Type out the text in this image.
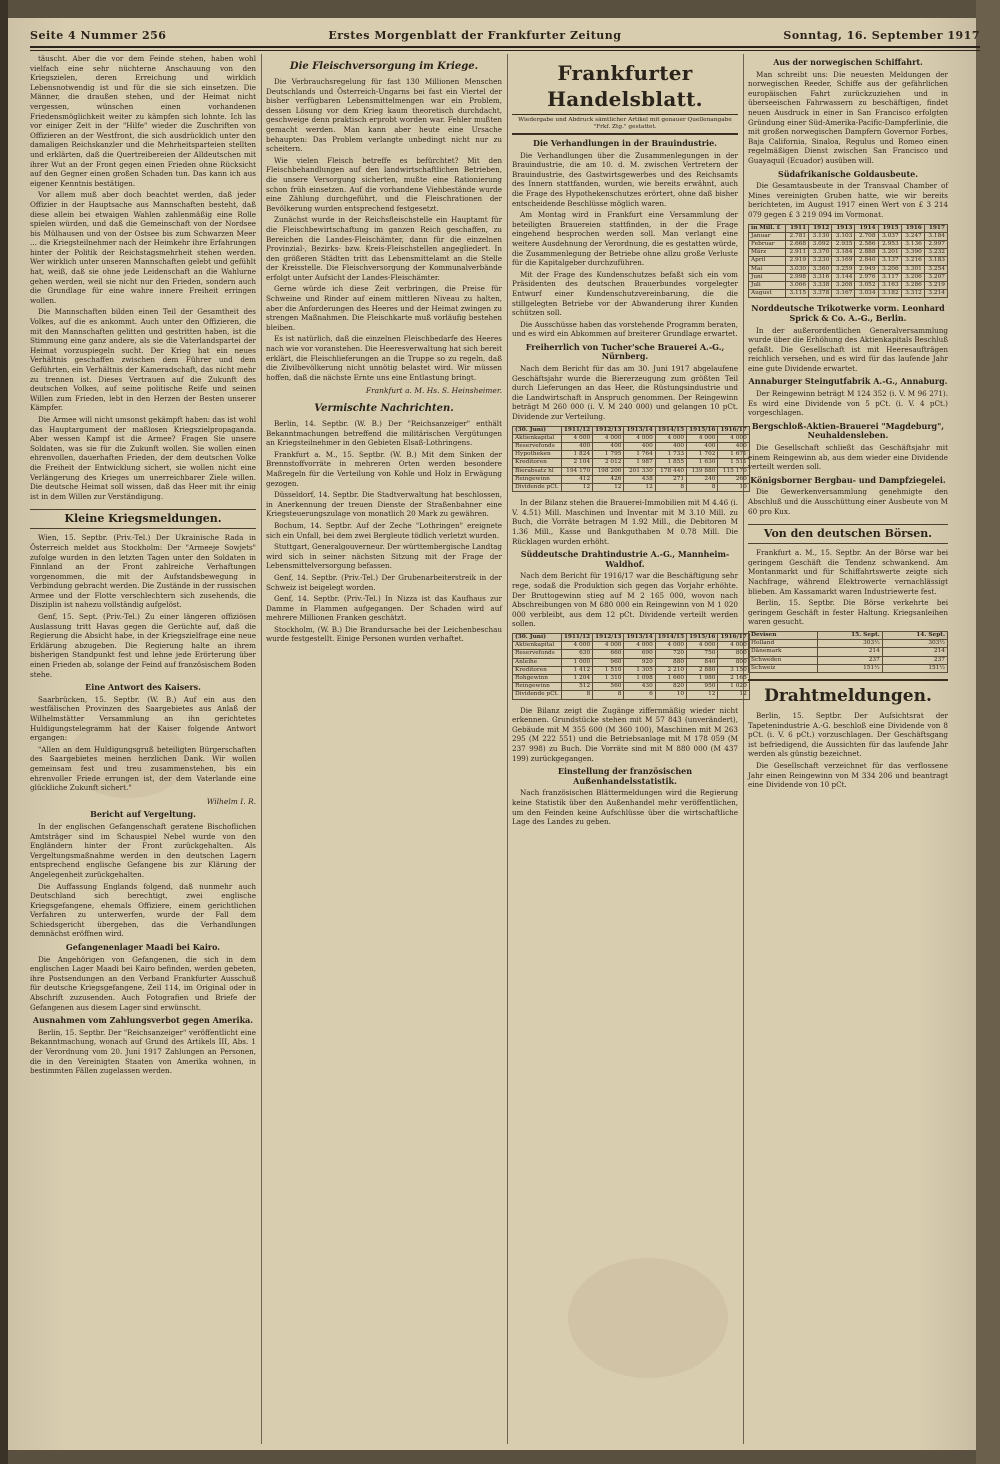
Seite 4 Nummer 256	Erstes Morgenblatt der Frankfurter Zeitung	Sonntag, 16. September 1917

täuscht. Aber die vor dem Feinde stehen, haben wohl vielfach eine sehr nüchterne Anschauung von den Kriegszielen, deren Erreichung und wirklich Lebensnotwendig ist und für die sie sich einsetzen. Die Männer, die draußen stehen, und der Heimat nicht vergessen, wünschen einen vorhandenen Friedensmöglichkeit weiter zu kämpfen sich lohnte. Ich las vor einiger Zeit in der "Hilfe" wieder die Zuschriften von Offizieren an der Westfront, die sich ausdrücklich unter den damaligen Reichskanzler und die Mehrheitsparteien stellten und erklärten, daß die Quertreibereien der Alldeutschen mit ihrer Wut an der Front gegen einen Frieden ohne Rücksicht auf den Gegner einen großen Schaden tun. Das kann ich aus eigener Kenntnis bestätigen.

Vor allem muß aber doch beachtet werden, daß jeder Offizier in der Hauptsache aus Mannschaften besteht, daß diese allein bei etwaigen Wahlen zahlenmäßig eine Rolle spielen würden, und daß die Gemeinschaft von der Nordsee bis Mülhausen und von der Ostsee bis zum Schwarzen Meer ... die Kriegsteilnehmer nach der Heimkehr ihre Erfahrungen hinter der Politik der Reichstagsmehrheit stehen werden. Wer wirklich unter unseren Mannschaften gelebt und gefühlt hat, weiß, daß sie ohne jede Leidenschaft an die Wahlurne gehen werden, weil sie nicht nur den Frieden, sondern auch die Grundlage für eine wahre innere Freiheit erringen wollen.

Die Mannschaften bilden einen Teil der Gesamtheit des Volkes, auf die es ankommt. Auch unter den Offizieren, die mit den Mannschaften gelitten und gestritten haben, ist die Stimmung eine ganz andere, als sie die Vaterlandspartei der Heimat vorzuspiegeln sucht. Der Krieg hat ein neues Verhältnis geschaffen zwischen dem Führer und dem Geführten, ein Verhältnis der Kameradschaft, das nicht mehr zu trennen ist. Dieses Vertrauen auf die Zukunft des deutschen Volkes, auf seine politische Reife und seinen Willen zum Frieden, lebt in den Herzen der Besten unserer Kämpfer.

Die Armee will nicht umsonst gekämpft haben: das ist wohl das Hauptargument der maßlosen Kriegszielpropaganda. Aber wessen Kampf ist die Armee? Fragen Sie unsere Soldaten, was sie für die Zukunft wollen. Sie wollen einen ehrenvollen, dauerhaften Frieden, der dem deutschen Volke die Freiheit der Entwicklung sichert, sie wollen nicht eine Verlängerung des Krieges um unerreichbarer Ziele willen. Die deutsche Heimat soll wissen, daß das Heer mit ihr einig ist in dem Willen zur Verständigung.

Kleine Kriegsmeldungen.

Wien, 15. Septbr. (Priv.-Tel.) Der Ukrainische Rada in Österreich meldet aus Stockholm: Der "Armeeje Sowjets" zufolge wurden in den letzten Tagen unter den Soldaten in Finnland an der Front zahlreiche Verhaftungen vorgenommen, die mit der Aufstandsbewegung in Verbindung gebracht werden. Die Zustände in der russischen Armee und der Flotte verschlechtern sich zusehends, die Disziplin ist nahezu vollständig aufgelöst.

Genf, 15. Sept. (Priv.-Tel.) Zu einer längeren offiziösen Auslassung tritt Havas gegen die Gerüchte auf, daß die Regierung die Absicht habe, in der Kriegszielfrage eine neue Erklärung abzugeben. Die Regierung halte an ihrem bisherigen Standpunkt fest und lehne jede Erörterung über einen Frieden ab, solange der Feind auf französischem Boden stehe.

Eine Antwort des Kaisers.

Saarbrücken, 15. Septbr. (W. B.) Auf ein aus den westfälischen Provinzen des Saargebietes aus Anlaß der Wilhelmstätter Versammlung an ihn gerichtetes Huldigungstelegramm hat der Kaiser folgende Antwort ergangen:

"Allen an dem Huldigungsgruß beteiligten Bürgerschaften des Saargebietes meinen herzlichen Dank. Wir wollen gemeinsam fest und treu zusammenstehen, bis ein ehrenvoller Friede errungen ist, der dem Vaterlande eine glückliche Zukunft sichert."

Wilhelm I. R.
Bericht auf Vergeltung.

In der englischen Gefangenschaft geratene Bischoflichen Amtsträger sind im Schauspiel Nebel wurde von den Engländern hinter der Front zurückgehalten. Als Vergeltungsmaßnahme werden in den deutschen Lagern entsprechend englische Gefangene bis zur Klärung der Angelegenheit zurückgehalten.

Die Auffassung Englands folgend, daß nunmehr auch Deutschland sich berechtigt, zwei englische Kriegsgefangene, ehemals Offiziere, einem gerichtlichen Verfahren zu unterwerfen, wurde der Fall dem Schiedsgericht übergeben, das die Verhandlungen demnächst eröffnen wird.

Gefangenenlager Maadi bei Kairo.

Die Angehörigen von Gefangenen, die sich in dem englischen Lager Maadi bei Kairo befinden, werden gebeten, ihre Postsendungen an den Verband Frankfurter Ausschuß für deutsche Kriegsgefangene, Zeil 114, im Original oder in Abschrift zuzusenden. Auch Fotografien und Briefe der Gefangenen aus diesem Lager sind erwünscht.

Ausnahmen vom Zahlungsverbot gegen Amerika.

Berlin, 15. Septbr. Der "Reichsanzeiger" veröffentlicht eine Bekanntmachung, wonach auf Grund des Artikels III, Abs. 1 der Verordnung vom 20. Juni 1917 Zahlungen an Personen, die in den Vereinigten Staaten von Amerika wohnen, in bestimmten Fällen zugelassen werden.

Die Fleischversorgung im Kriege.

Die Verbrauchsregelung für fast 130 Millionen Menschen Deutschlands und Österreich-Ungarns bei fast ein Viertel der bisher verfügbaren Lebensmittelmengen war ein Problem, dessen Lösung vor dem Krieg kaum theoretisch durchdacht, geschweige denn praktisch erprobt worden war. Fehler mußten gemacht werden. Man kann aber heute eine Ursache behaupten: Das Problem verlangte unbedingt nicht nur zu scheitern.

Wie vielen Fleisch betreffe es befürchtet? Mit den Fleischbehandlungen auf den landwirtschaftlichen Betrieben, die unsere Versorgung sicherten, mußte eine Rationierung schon früh einsetzen. Auf die vorhandene Viehbestände wurde eine Zählung durchgeführt, und die Fleischrationen der Bevölkerung wurden entsprechend festgesetzt.

Zunächst wurde in der Reichsfleischstelle ein Hauptamt für die Fleischbewirtschaftung im ganzen Reich geschaffen, zu Bereichen die Landes-Fleischämter, dann für die einzelnen Provinzial-, Bezirks- bzw. Kreis-Fleischstellen angegliedert. In den größeren Städten tritt das Lebensmittelamt an die Stelle der Kreisstelle. Die Fleischversorgung der Kommunalverbände erfolgt unter Aufsicht der Landes-Fleischämter.

Gerne würde ich diese Zeit verbringen, die Preise für Schweine und Rinder auf einem mittleren Niveau zu halten, aber die Anforderungen des Heeres und der Heimat zwingen zu strengen Maßnahmen. Die Fleischkarte muß vorläufig bestehen bleiben.

Es ist natürlich, daß die einzelnen Fleischbedarfe des Heeres nach wie vor voranstehen. Die Heeresverwaltung hat sich bereit erklärt, die Fleischlieferungen an die Truppe so zu regeln, daß die Zivilbevölkerung nicht unnötig belastet wird. Wir müssen hoffen, daß die nächste Ernte uns eine Entlastung bringt.

Frankfurt a. M. Hs. S. Heinsheimer.
Vermischte Nachrichten.

Berlin, 14. Septbr. (W. B.) Der "Reichsanzeiger" enthält Bekanntmachungen betreffend die militärischen Vergütungen an Kriegsteilnehmer in den Gebieten Elsaß-Lothringens.

Frankfurt a. M., 15. Septbr. (W. B.) Mit dem Sinken der Brennstoffvorräte in mehreren Orten werden besondere Maßregeln für die Verteilung von Kohle und Holz in Erwägung gezogen.

Düsseldorf, 14. Septbr. Die Stadtverwaltung hat beschlossen, in Anerkennung der treuen Dienste der Straßenbahner eine Kriegsteuerungszulage von monatlich 20 Mark zu gewähren.

Bochum, 14. Septbr. Auf der Zeche "Lothringen" ereignete sich ein Unfall, bei dem zwei Bergleute tödlich verletzt wurden.

Stuttgart, Generalgouverneur. Der württembergische Landtag wird sich in seiner nächsten Sitzung mit der Frage der Lebensmittelversorgung befassen.

Genf, 14. Septbr. (Priv.-Tel.) Der Grubenarbeiterstreik in der Schweiz ist beigelegt worden.

Genf, 14. Septbr. (Priv.-Tel.) In Nizza ist das Kaufhaus zur Damme in Flammen aufgegangen. Der Schaden wird auf mehrere Millionen Franken geschätzt.

Stockholm, (W. B.) Die Brandursache bei der Leichenbeschau wurde festgestellt. Einige Personen wurden verhaftet.

Frankfurter Handelsblatt.
Wiedergabe und Abdruck sämtlicher Artikel mit genauer Quellenangabe "Frkf. Ztg." gestattet.
Die Verhandlungen in der Brauindustrie.

Die Verhandlungen über die Zusammenlegungen in der Brauindustrie, die am 10. d. M. zwischen Vertretern der Brauindustrie, des Gastwirtsgewerbes und des Reichsamts des Innern stattfanden, wurden, wie bereits erwähnt, auch die Frage des Hypothekenschutzes erörtert, ohne daß bisher entscheidende Beschlüsse möglich waren.

Am Montag wird in Frankfurt eine Versammlung der beteiligten Brauereien stattfinden, in der die Frage eingehend besprochen werden soll. Man verlangt eine weitere Ausdehnung der Verordnung, die es gestatten würde, die Zusammenlegung der Betriebe ohne allzu große Verluste für die Kapitalgeber durchzuführen.

Mit der Frage des Kundenschutzes befaßt sich ein vom Präsidenten des deutschen Brauerbundes vorgelegter Entwurf einer Kundenschutzvereinbarung, die die stillgelegten Betriebe vor der Abwanderung ihrer Kunden schützen soll.

Die Ausschüsse haben das vorstehende Programm beraten, und es wird ein Abkommen auf breiterer Grundlage erwartet.

Freiherrlich von Tucher'sche Brauerei A.-G., Nürnberg.

Nach dem Bericht für das am 30. Juni 1917 abgelaufene Geschäftsjahr wurde die Biererzeugung zum größten Teil durch Lieferungen an das Heer, die Rüstungsindustrie und die Landwirtschaft in Anspruch genommen. Der Reingewinn beträgt M 260 000 (i. V. M 240 000) und gelangen 10 pCt. Dividende zur Verteilung.

(30. Juni)	1911/12	1912/13	1913/14	1914/15	1915/16	1916/17
Aktienkapital	4 000	4 000	4 000	4 000	4 000	4 000
Reservefonds	400	400	400	400	400	400
Hypotheken	1 824	1 795	1 764	1 733	1 702	1 671
Kreditoren	2 104	2 012	1 987	1 855	1 630	1 511
Bierabsatz hl	194 170	198 200	201 330	178 440	139 880	115 170
Reingewinn	412	426	438	271	240	260
Dividende pCt.	12	12	12	8	8	10

In der Bilanz stehen die Brauerei-Immobilien mit M 4.46 (i. V. 4.51) Mill. Maschinen und Inventar mit M 3.10 Mill. zu Buch, die Vorräte betragen M 1.92 Mill., die Debitoren M 1.36 Mill., Kasse und Bankguthaben M 0.78 Mill. Die Rücklagen wurden erhöht.

Süddeutsche Drahtindustrie A.-G., Mannheim-Waldhof.

Nach dem Bericht für 1916/17 war die Beschäftigung sehr rege, sodaß die Produktion sich gegen das Vorjahr erhöhte. Der Bruttogewinn stieg auf M 2 165 000, wovon nach Abschreibungen von M 680 000 ein Reingewinn von M 1 020 000 verbleibt, aus dem 12 pCt. Dividende verteilt werden sollen.

(30. Juni)	1911/12	1912/13	1913/14	1914/15	1915/16	1916/17
Aktienkapital	4 000	4 000	4 000	4 000	4 000	4 000
Reservefonds	630	660	690	720	750	800
Anleihe	1 000	960	920	880	840	800
Kreditoren	1 412	1 510	1 305	2 210	2 880	3 150
Rohgewinn	1 204	1 310	1 098	1 660	1 980	2 165
Reingewinn	512	560	430	820	950	1 020
Dividende pCt.	8	8	6	10	12	12

Die Bilanz zeigt die Zugänge ziffernmäßig wieder nicht erkennen. Grundstücke stehen mit M 57 843 (unverändert), Gebäude mit M 355 600 (M 360 100), Maschinen mit M 263 295 (M 222 551) und die Betriebsanlage mit M 178 059 (M 237 998) zu Buch. Die Vorräte sind mit M 880 000 (M 437 199) zurückgegangen.

Einstellung der französischen Außenhandelsstatistik.

Nach französischen Blättermeldungen wird die Regierung keine Statistik über den Außenhandel mehr veröffentlichen, um den Feinden keine Aufschlüsse über die wirtschaftliche Lage des Landes zu geben.

Aus der norwegischen Schiffahrt.

Man schreibt uns: Die neuesten Meldungen der norwegischen Reeder, Schiffe aus der gefährlichen europäischen Fahrt zurückzuziehen und in überseeischen Fahrwassern zu beschäftigen, findet neuen Ausdruck in einer in San Francisco erfolgten Gründung einer Süd-Amerika-Pacific-Dampferlinie, die mit großen norwegischen Dampfern Governor Forbes, Baja California, Sinaloa, Regulus und Romeo einen regelmäßigen Dienst zwischen San Francisco und Guayaquil (Ecuador) ausüben will.

Südafrikanische Goldausbeute.

Die Gesamtausbeute in der Transvaal Chamber of Mines vereinigten Gruben hatte, wie wir bereits berichteten, im August 1917 einen Wert von £ 3 214 079 gegen £ 3 219 094 im Vormonat.

in Mill. £	1911	1912	1913	1914	1915	1916	1917
Januar	2.781	3.130	3.103	2.708	3.037	3.247	3.184
Februar	2.668	3.092	2.935	2.586	2.953	3.136	2.997
März	2.911	3.370	3.184	2.888	3.201	3.390	3.232
April	2.919	3.230	3.169	2.840	3.137	3.216	3.183
Mai	3.030	3.360	3.259	2.949	3.206	3.301	3.254
Juni	2.998	3.316	3.144	2.976	3.117	3.206	3.207
Juli	3.066	3.338	3.208	3.052	3.163	3.286	3.219
August	3.115	3.378	3.167	3.034	3.182	3.312	3.214
Norddeutsche Trikotwerke vorm. Leonhard Sprick & Co. A.-G., Berlin.

In der außerordentlichen Generalversammlung wurde über die Erhöhung des Aktienkapitals Beschluß gefaßt. Die Gesellschaft ist mit Heeresaufträgen reichlich versehen, und es wird für das laufende Jahr eine gute Dividende erwartet.

Annaburger Steingutfabrik A.-G., Annaburg.

Der Reingewinn beträgt M 124 352 (i. V. M 96 271). Es wird eine Dividende von 5 pCt. (i. V. 4 pCt.) vorgeschlagen.

Bergschloß-Aktien-Brauerei "Magdeburg", Neuhaldensleben.

Die Gesellschaft schließt das Geschäftsjahr mit einem Reingewinn ab, aus dem wieder eine Dividende verteilt werden soll.

Königsborner Bergbau- und Dampfziegelei.

Die Gewerkenversammlung genehmigte den Abschluß und die Ausschüttung einer Ausbeute von M 60 pro Kux.

Von den deutschen Börsen.

Frankfurt a. M., 15. Septbr. An der Börse war bei geringem Geschäft die Tendenz schwankend. Am Montanmarkt und für Schiffahrtswerte zeigte sich Nachfrage, während Elektrowerte vernachlässigt blieben. Am Kassamarkt waren Industriewerte fest.

Berlin, 15. Septbr. Die Börse verkehrte bei geringem Geschäft in fester Haltung. Kriegsanleihen waren gesucht.

Devisen	15. Sept.	14. Sept.
Holland	303½	303½
Dänemark	214	214
Schweden	237	237
Schweiz	151½	151½
Drahtmeldungen.

Berlin, 15. Septbr. Der Aufsichtsrat der Tapetenindustrie A.-G. beschloß eine Dividende von 8 pCt. (i. V. 6 pCt.) vorzuschlagen. Der Geschäftsgang ist befriedigend, die Aussichten für das laufende Jahr werden als günstig bezeichnet.

Die Gesellschaft verzeichnet für das verflossene Jahr einen Reingewinn von M 334 206 und beantragt eine Dividende von 10 pCt.
